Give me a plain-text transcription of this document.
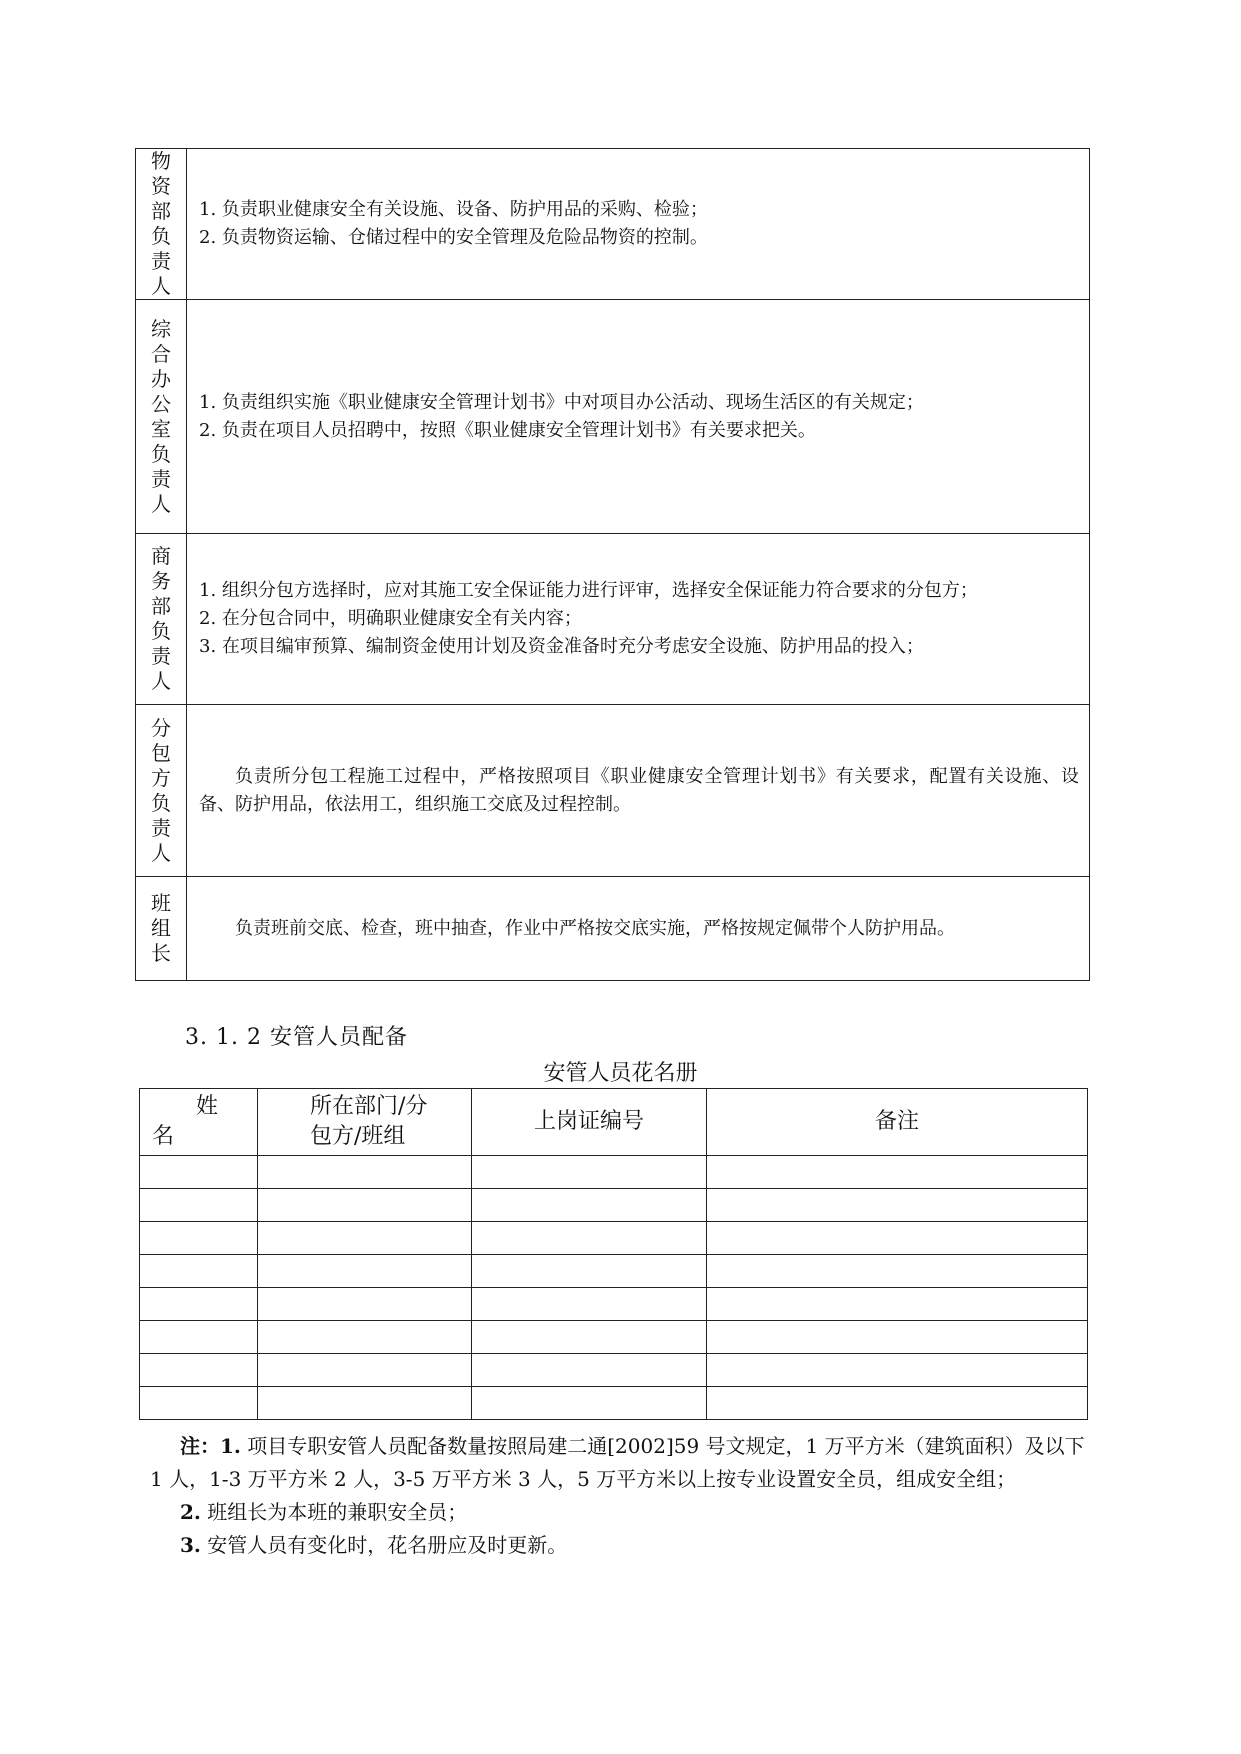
物资部负责人	1. 负责职业健康安全有关设施、设备、防护用品的采购、检验；
2. 负责物资运输、仓储过程中的安全管理及危险品物资的控制。

综合办公室负责人	1. 负责组织实施《职业健康安全管理计划书》中对项目办公活动、现场生活区的有关规定；
2. 负责在项目人员招聘中，按照《职业健康安全管理计划书》有关要求把关。

商务部负责人	1. 组织分包方选择时，应对其施工安全保证能力进行评审，选择安全保证能力符合要求的分包方；
2. 在分包合同中，明确职业健康安全有关内容；
3. 在项目编审预算、编制资金使用计划及资金准备时充分考虑安全设施、防护用品的投入；

分包方负责人	负责所分包工程施工过程中，严格按照项目《职业健康安全管理计划书》有关要求，配置有关设施、设备、防护用品，依法用工，组织施工交底及过程控制。

班组长	负责班前交底、检查，班中抽查，作业中严格按交底实施，严格按规定佩带个人防护用品。
3. 1. 2 安管人员配备
安管人员花名册
姓
名	所在部门/分
包方/班组	上岗证编号	备注

注：1. 项目专职安管人员配备数量按照局建二通[2002]59 号文规定，1 万平方米（建筑面积）及以下 1 人，1-3 万平方米 2 人，3-5 万平方米 3 人，5 万平方米以上按专业设置安全员，组成安全组；
2. 班组长为本班的兼职安全员；
3. 安管人员有变化时，花名册应及时更新。
